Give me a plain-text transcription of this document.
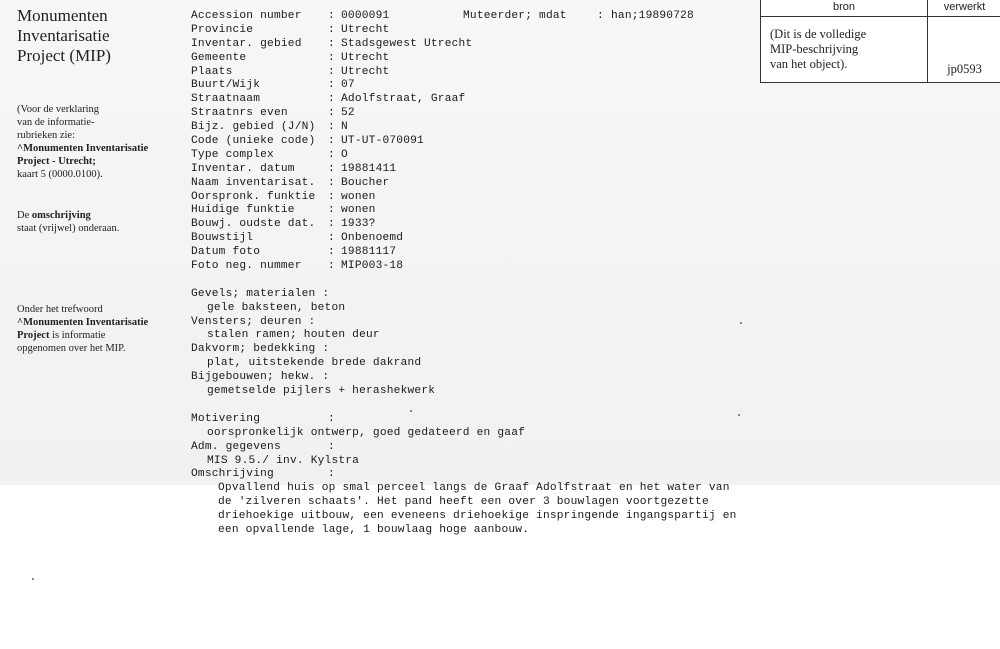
Monumenten
Inventarisatie
Project (MIP)
(Voor de verklaring
van de informatie-
rubrieken zie:
^Monumenten Inventarisatie
Project - Utrecht;
kaart 5 (0000.0100).
De omschrijving
staat (vrijwel) onderaan.
Onder het trefwoord
^Monumenten Inventarisatie
Project is informatie
opgenomen over het MIP.
Muteerder; mdat	: han;19890728
Accession number : 0000091
Provincie	: Utrecht
Inventar. gebied : Stadsgewest Utrecht
Gemeente	: Utrecht
Plaats	: Utrecht
Buurt/Wijk	: 07
Straatnaam	: Adolfstraat, Graaf
Straatnrs even	: 52
Bijz. gebied (J/N) : N
Code (unieke code) : UT-UT-070091
Type complex	: O
Inventar. datum	: 19881411
Naam inventarisat. : Boucher
Oorspronk. funktie : wonen
Huidige funktie	: wonen
Bouwj. oudste dat. : 1933?
Bouwstijl	: Onbenoemd
Datum foto	: 19881117
Foto neg. nummer : MIP003-18
Gevels; materialen :
gele baksteen, beton
Vensters; deuren :
stalen ramen; houten deur
Dakvorm; bedekking :
plat, uitstekende brede dakrand
Bijgebouwen; hekw. :
gemetselde pijlers + herashekwerk
Motivering	:
oorspronkelijk ontwerp, goed gedateerd en gaaf
Adm. gegevens	:
MIS 9.5./ inv. Kylstra
Omschrijving	:
Opvallend huis op smal perceel langs de Graaf Adolfstraat en het water van
de 'zilveren schaats'. Het pand heeft een over 3 bouwlagen voortgezette
driehoekige uitbouw, een eveneens driehoekige inspringende ingangspartij en
een opvallende lage, 1 bouwlaag hoge aanbouw.
bron	verwerkt
(Dit is de volledige
MIP-beschrijving
van het object).	jp0593
